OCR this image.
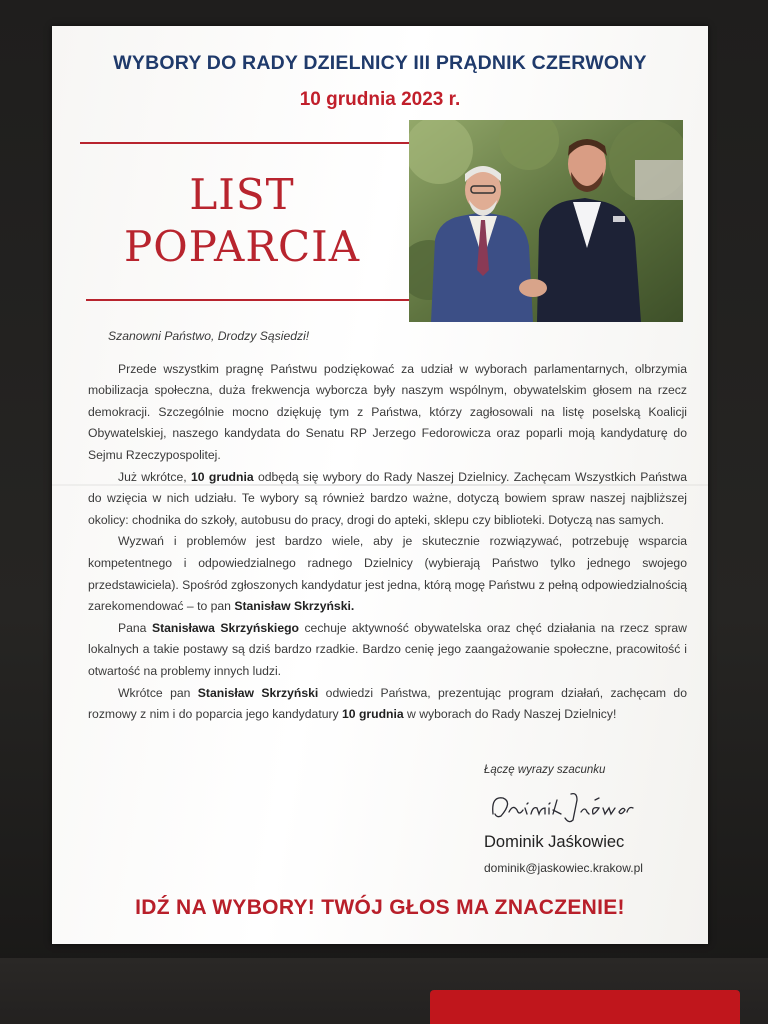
WYBORY DO RADY DZIELNICY III PRĄDNIK CZERWONY
10 grudnia 2023 r.
LIST
POPARCIA

Szanowni Państwo, Drodzy Sąsiedzi!

Przede wszystkim pragnę Państwu podziękować za udział w wyborach parlamentarnych, olbrzymia mobilizacja społeczna, duża frekwencja wyborcza były naszym wspólnym, obywatelskim głosem na rzecz demokracji. Szczególnie mocno dziękuję tym z Państwa, którzy zagłosowali na listę poselską Koalicji Obywatelskiej, naszego kandydata do Senatu RP Jerzego Fedorowicza oraz poparli moją kandydaturę do Sejmu Rzeczypospolitej.

Już wkrótce, 10 grudnia odbędą się wybory do Rady Naszej Dzielnicy. Zachęcam Wszystkich Państwa do wzięcia w nich udziału. Te wybory są również bardzo ważne, dotyczą bowiem spraw naszej najbliższej okolicy: chodnika do szkoły, autobusu do pracy, drogi do apteki, sklepu czy biblioteki. Dotyczą nas samych.

Wyzwań i problemów jest bardzo wiele, aby je skutecznie rozwiązywać, potrzebuję wsparcia kompetentnego i odpowiedzialnego radnego Dzielnicy (wybierają Państwo tylko jednego swojego przedstawiciela). Spośród zgłoszonych kandydatur jest jedna, którą mogę Państwu z pełną odpowiedzialnością zarekomendować – to pan Stanisław Skrzyński.

Pana Stanisława Skrzyńskiego cechuje aktywność obywatelska oraz chęć działania na rzecz spraw lokalnych a takie postawy są dziś bardzo rzadkie. Bardzo cenię jego zaangażowanie społeczne, pracowitość i otwartość na problemy innych ludzi.

Wkrótce pan Stanisław Skrzyński odwiedzi Państwa, prezentując program działań, zachęcam do rozmowy z nim i do poparcia jego kandydatury 10 grudnia w wyborach do Rady Naszej Dzielnicy!

Łączę wyrazy szacunku
Dominik Jaśkowiec
dominik@jaskowiec.krakow.pl
IDŹ NA WYBORY! TWÓJ GŁOS MA ZNACZENIE!
